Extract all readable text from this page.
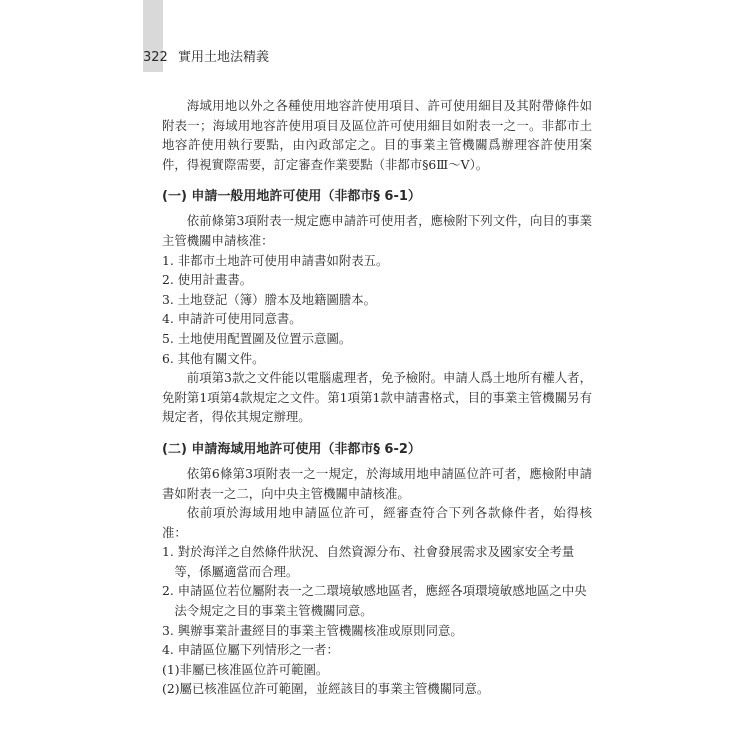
322 實用土地法精義

海域用地以外之各種使用地容許使用項目、許可使用細目及其附帶條件如附表一；海域用地容許使用項目及區位許可使用細目如附表一之一。非都市土地容許使用執行要點，由內政部定之。目的事業主管機關爲辦理容許使用案件，得視實際需要，訂定審查作業要點（非都市§6Ⅲ～Ⅴ）。

(一) 申請一般用地許可使用（非都市§ 6-1）

依前條第3項附表一規定應申請許可使用者，應檢附下列文件，向目的事業主管機關申請核准：

1. 非都市土地許可使用申請書如附表五。

2. 使用計畫書。

3. 土地登記（簿）謄本及地籍圖謄本。

4. 申請許可使用同意書。

5. 土地使用配置圖及位置示意圖。

6. 其他有關文件。

前項第3款之文件能以電腦處理者，免予檢附。申請人爲土地所有權人者，免附第1項第4款規定之文件。第1項第1款申請書格式，目的事業主管機關另有規定者，得依其規定辦理。

(二) 申請海域用地許可使用（非都市§ 6-2）

依第6條第3項附表一之一規定，於海域用地申請區位許可者，應檢附申請書如附表一之二，向中央主管機關申請核准。

依前項於海域用地申請區位許可，經審查符合下列各款條件者，始得核准：

1. 對於海洋之自然條件狀況、自然資源分布、社會發展需求及國家安全考量等，係屬適當而合理。

2. 申請區位若位屬附表一之二環境敏感地區者，應經各項環境敏感地區之中央法令規定之目的事業主管機關同意。

3. 興辦事業計畫經目的事業主管機關核准或原則同意。

4. 申請區位屬下列情形之一者：

(1)非屬已核准區位許可範圍。

(2)屬已核准區位許可範圍，並經該目的事業主管機關同意。
